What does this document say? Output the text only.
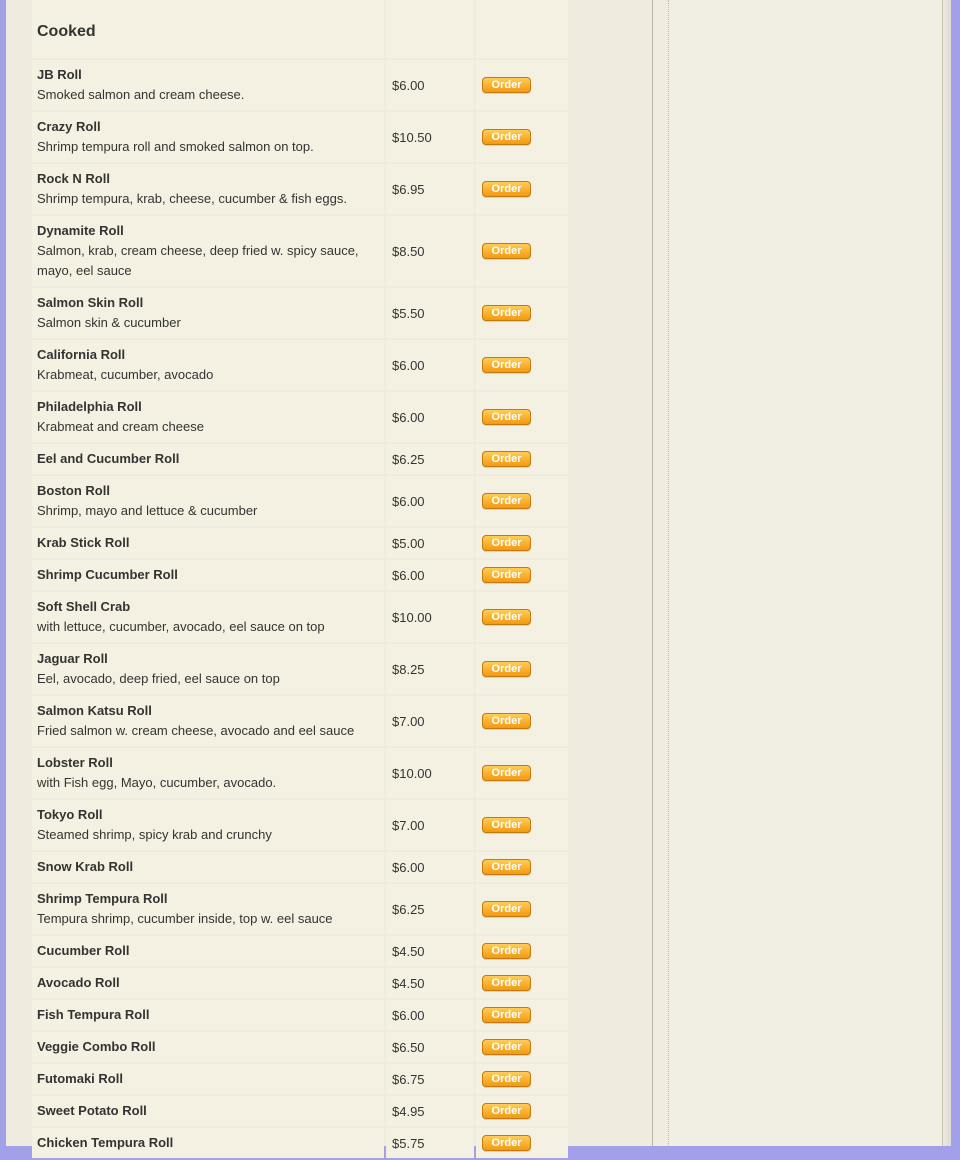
Cooked		

JB Roll
Smoked salmon and cream cheese.	$6.00	Order

Crazy Roll
Shrimp tempura roll and smoked salmon on top.	$10.50	Order

Rock N Roll
Shrimp tempura, krab, cheese, cucumber & fish eggs.	$6.95	Order

Dynamite Roll
Salmon, krab, cream cheese, deep fried w. spicy sauce, mayo, eel sauce	$8.50	Order

Salmon Skin Roll
Salmon skin & cucumber	$5.50	Order

California Roll
Krabmeat, cucumber, avocado	$6.00	Order

Philadelphia Roll
Krabmeat and cream cheese	$6.00	Order

Eel and Cucumber Roll	$6.25	Order

Boston Roll
Shrimp, mayo and lettuce & cucumber	$6.00	Order

Krab Stick Roll	$5.00	Order

Shrimp Cucumber Roll	$6.00	Order

Soft Shell Crab
with lettuce, cucumber, avocado, eel sauce on top	$10.00	Order

Jaguar Roll
Eel, avocado, deep fried, eel sauce on top	$8.25	Order

Salmon Katsu Roll
Fried salmon w. cream cheese, avocado and eel sauce	$7.00	Order

Lobster Roll
with Fish egg, Mayo, cucumber, avocado.	$10.00	Order

Tokyo Roll
Steamed shrimp, spicy krab and crunchy	$7.00	Order

Snow Krab Roll	$6.00	Order

Shrimp Tempura Roll
Tempura shrimp, cucumber inside, top w. eel sauce	$6.25	Order

Cucumber Roll	$4.50	Order

Avocado Roll	$4.50	Order

Fish Tempura Roll	$6.00	Order

Veggie Combo Roll	$6.50	Order

Futomaki Roll	$6.75	Order

Sweet Potato Roll	$4.95	Order

Chicken Tempura Roll	$5.75	Order
